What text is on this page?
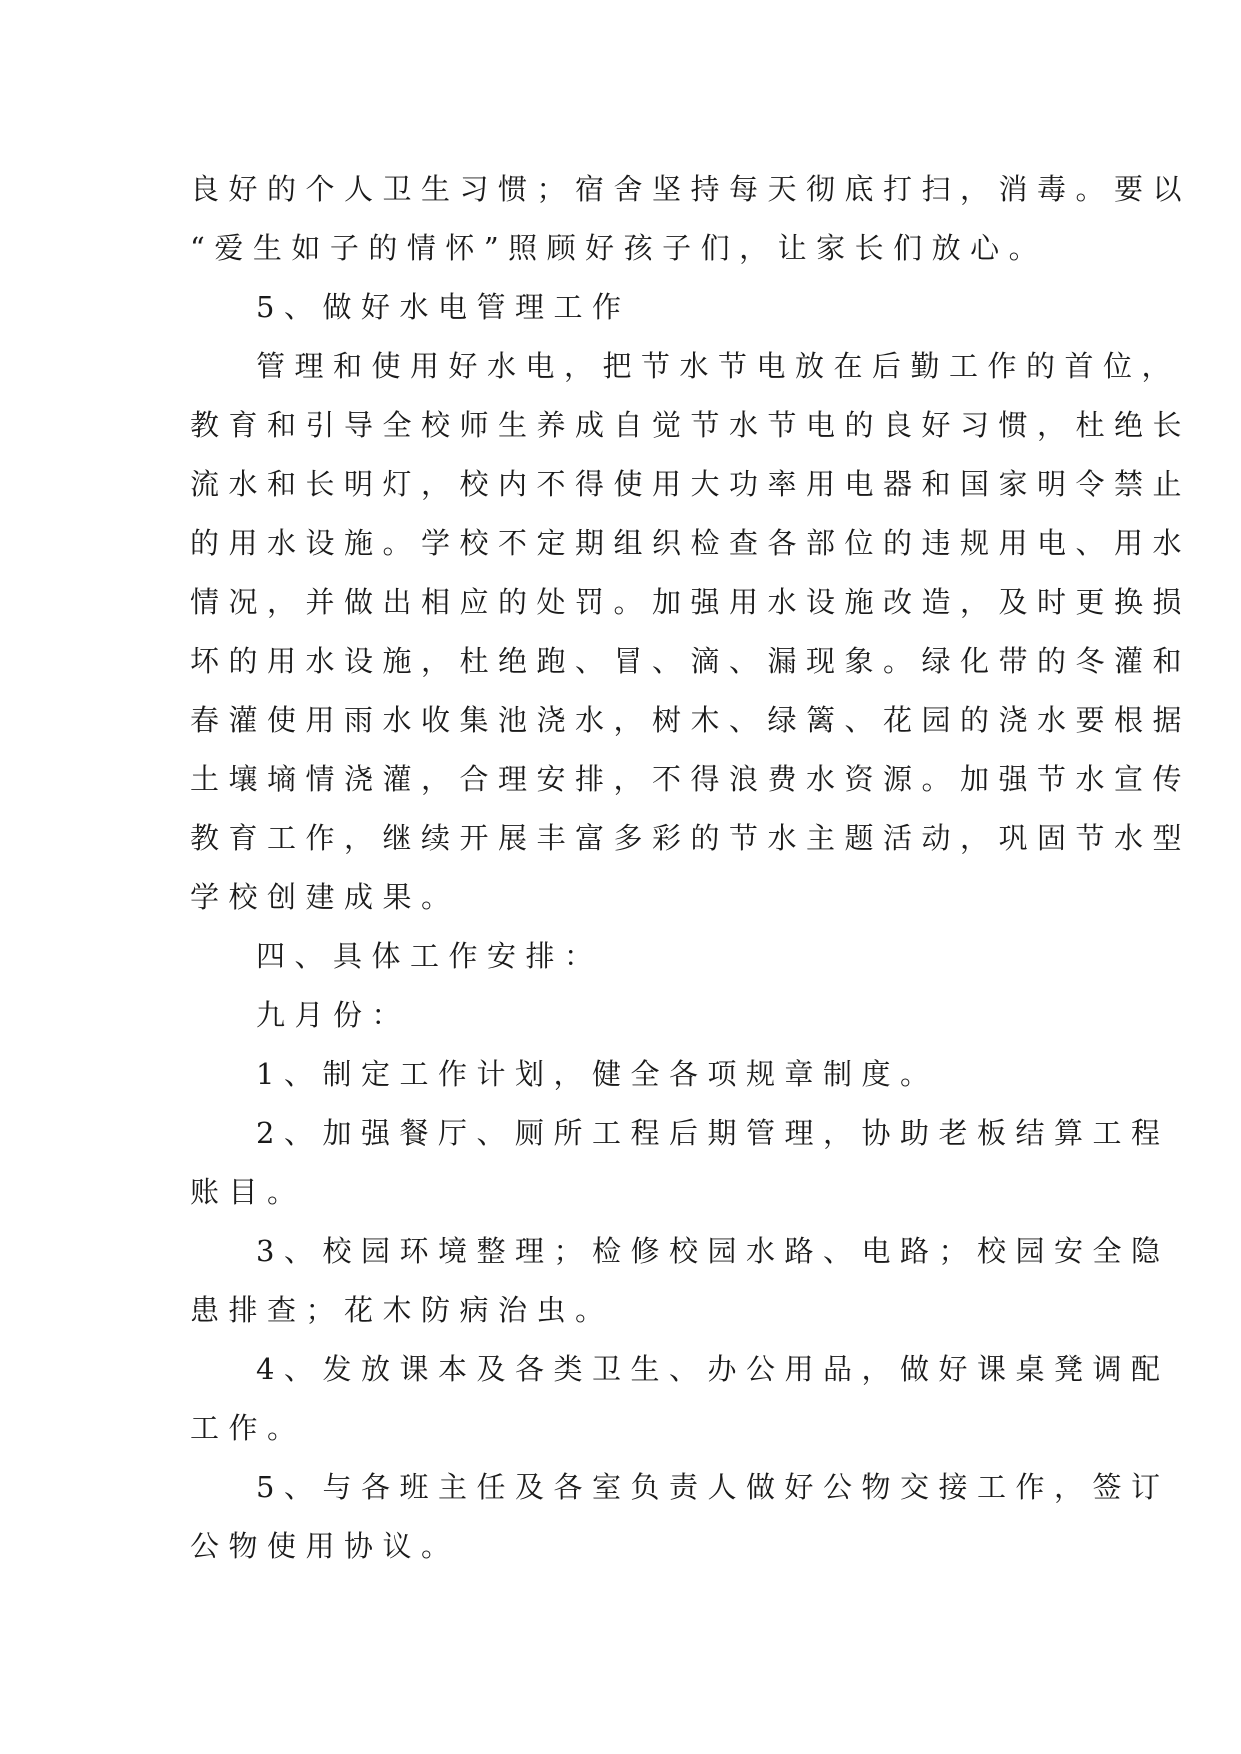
良好的个人卫生习惯；宿舍坚持每天彻底打扫，消毒。要以
“爱生如子的情怀”照顾好孩子们，让家长们放心。
5、做好水电管理工作
管理和使用好水电，把节水节电放在后勤工作的首位，
教育和引导全校师生养成自觉节水节电的良好习惯，杜绝长
流水和长明灯，校内不得使用大功率用电器和国家明令禁止
的用水设施。学校不定期组织检查各部位的违规用电、用水
情况，并做出相应的处罚。加强用水设施改造，及时更换损
坏的用水设施，杜绝跑、冒、滴、漏现象。绿化带的冬灌和
春灌使用雨水收集池浇水，树木、绿篱、花园的浇水要根据
土壤墒情浇灌，合理安排，不得浪费水资源。加强节水宣传
教育工作，继续开展丰富多彩的节水主题活动，巩固节水型
学校创建成果。
四、具体工作安排：
九月份：
1、制定工作计划，健全各项规章制度。
2、加强餐厅、厕所工程后期管理，协助老板结算工程
账目。
3、校园环境整理；检修校园水路、电路；校园安全隐
患排查；花木防病治虫。
4、发放课本及各类卫生、办公用品，做好课桌凳调配
工作。
5、与各班主任及各室负责人做好公物交接工作，签订
公物使用协议。
